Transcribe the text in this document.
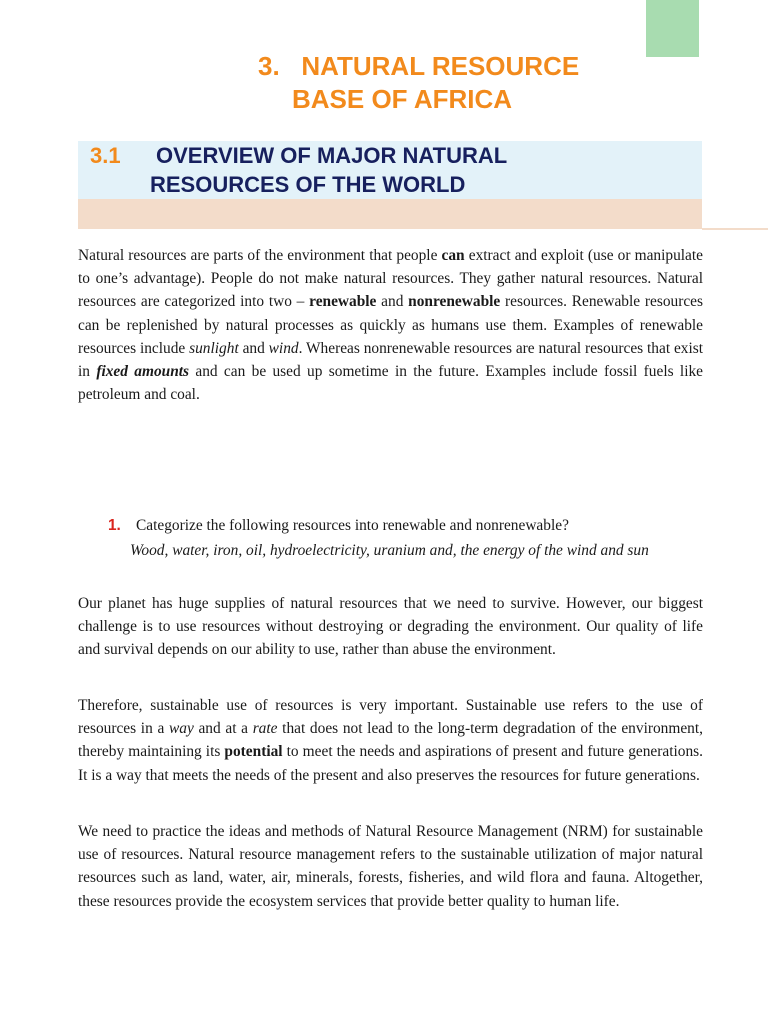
3. NATURAL RESOURCE
BASE OF AFRICA
3.1 OVERVIEW OF MAJOR NATURAL
RESOURCES OF THE WORLD

Natural resources are parts of the environment that people can extract and exploit (use or manipulate to one’s advantage). People do not make natural resources. They gather natural resources. Natural resources are categorized into two – renewable and nonrenewable resources. Renewable resources can be replenished by natural processes as quickly as humans use them. Examples of renewable resources include sunlight and wind. Whereas nonrenewable resources are natural resources that exist in fixed amounts and can be used up sometime in the future. Examples include fossil fuels like petroleum and coal.

1. Categorize the following resources into renewable and nonrenewable?
Wood, water, iron, oil, hydroelectricity, uranium and, the energy of the wind and sun

Our planet has huge supplies of natural resources that we need to survive. However, our biggest challenge is to use resources without destroying or degrading the environment. Our quality of life and survival depends on our ability to use, rather than abuse the environment.

Therefore, sustainable use of resources is very important. Sustainable use refers to the use of resources in a way and at a rate that does not lead to the long-term degradation of the environment, thereby maintaining its potential to meet the needs and aspirations of present and future generations. It is a way that meets the needs of the present and also preserves the resources for future generations.

We need to practice the ideas and methods of Natural Resource Management (NRM) for sustainable use of resources. Natural resource management refers to the sustainable utilization of major natural resources such as land, water, air, minerals, forests, fisheries, and wild flora and fauna. Altogether, these resources provide the ecosystem services that provide better quality to human life.
